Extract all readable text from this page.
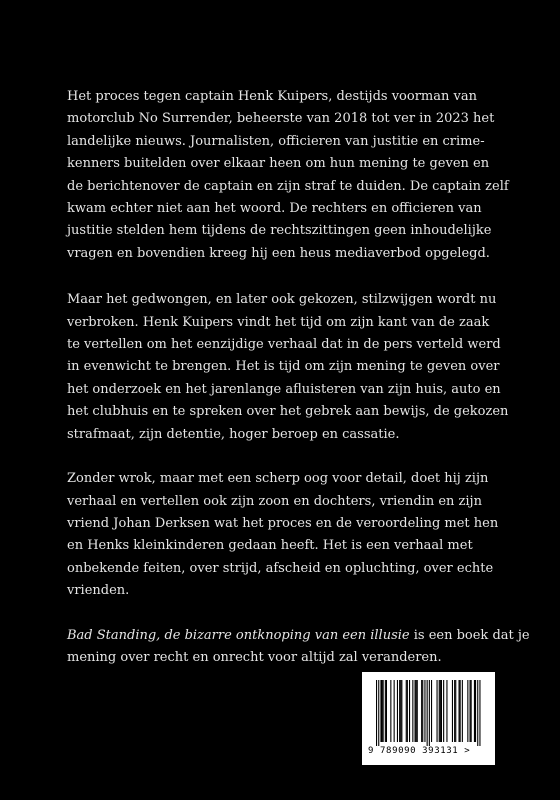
Het proces tegen captain Henk Kuipers, destijds voorman van
motorclub No Surrender, beheerste van 2018 tot ver in 2023 het
landelijke nieuws. Journalisten, officieren van justitie en crime-
kenners buitelden over elkaar heen om hun mening te geven en
de berichtenover de captain en zijn straf te duiden. De captain zelf
kwam echter niet aan het woord. De rechters en officieren van
justitie stelden hem tijdens de rechtszittingen geen inhoudelijke
vragen en bovendien kreeg hij een heus mediaverbod opgelegd.

Maar het gedwongen, en later ook gekozen, stilzwijgen wordt nu
verbroken. Henk Kuipers vindt het tijd om zijn kant van de zaak
te vertellen om het eenzijdige verhaal dat in de pers verteld werd
in evenwicht te brengen. Het is tijd om zijn mening te geven over
het onderzoek en het jarenlange afluisteren van zijn huis, auto en
het clubhuis en te spreken over het gebrek aan bewijs, de gekozen
strafmaat, zijn detentie, hoger beroep en cassatie.

Zonder wrok, maar met een scherp oog voor detail, doet hij zijn
verhaal en vertellen ook zijn zoon en dochters, vriendin en zijn
vriend Johan Derksen wat het proces en de veroordeling met hen
en Henks kleinkinderen gedaan heeft. Het is een verhaal met
onbekende feiten, over strijd, afscheid en opluchting, over echte
vrienden.

Bad Standing, de bizarre ontknoping van een illusie is een boek dat je
mening over recht en onrecht voor altijd zal veranderen.

9 789090 393131 >
